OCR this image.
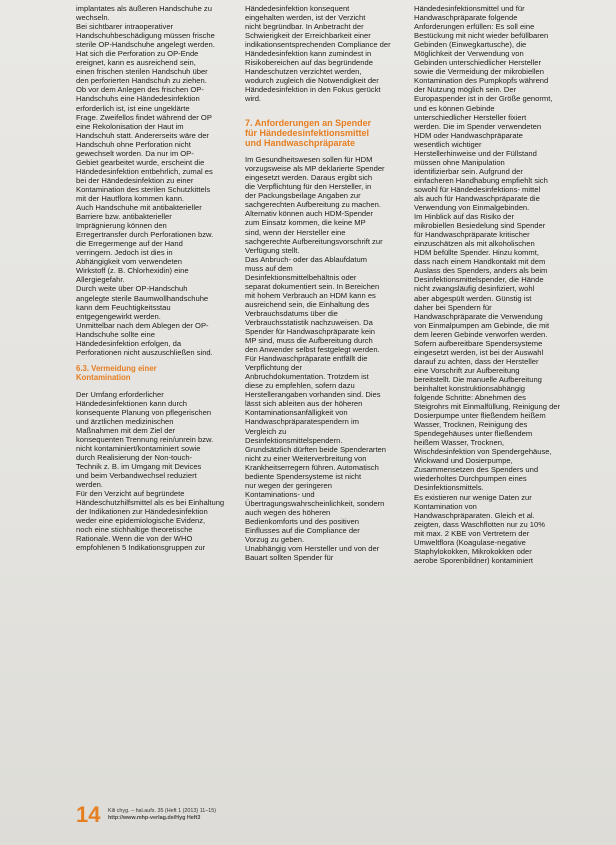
implantates als äußeren Handschuhe zu
wechseln.
Bei sichtbarer intraoperativer
Handschuhbeschädigung müssen frische
sterile OP-Handschuhe angelegt werden.
Hat sich die Perforation zu OP-Ende
ereignet, kann es ausreichend sein,
einen frischen sterilen Handschuh über
den perforierten Handschuh zu ziehen.
Ob vor dem Anlegen des frischen OP-
Handschuhs eine Händedesinfektion
erforderlich ist, ist eine ungeklärte
Frage. Zweifellos findet während der OP
eine Rekolonisation der Haut im
Handschuh statt. Andererseits wäre der
Handschuh ohne Perforation nicht
gewechselt worden. Da nur im OP-
Gebiet gearbeitet wurde, erscheint die
Händedesinfektion entbehrlich, zumal es
bei der Händedesinfektion zu einer
Kontamination des sterilen Schutzkittels
mit der Hautflora kommen kann.
Auch Handschuhe mit antibakterieller
Barriere bzw. antibakterieller
Imprägnierung können den
Erregertransfer durch Perforationen bzw.
die Erregermenge auf der Hand
verringern. Jedoch ist dies in
Abhängigkeit vom verwendeten
Wirkstoff (z. B. Chlorhexidin) eine
Allergiegefahr.
Durch weite über OP-Handschuh
angelegte sterile Baumwollhandschuhe
kann dem Feuchtigkeitsstau
entgegengewirkt werden.
Unmittelbar nach dem Ablegen der OP-
Handschuhe sollte eine
Händedesinfektion erfolgen, da
Perforationen nicht auszuschließen sind.
6.3. Vermeidung einer
Kontamination
Der Umfang erforderlicher
Händedesinfektionen kann durch
konsequente Planung von pflegerischen
und ärztlichen medizinischen
Maßnahmen mit dem Ziel der
konsequenten Trennung rein/unrein bzw.
nicht kontaminiert/kontaminiert sowie
durch Realisierung der Non-touch-
Technik z. B. im Umgang mit Devices
und beim Verbandwechsel reduziert
werden.
Für den Verzicht auf begründete
Händeschutzhilfsmittel als es bei Einhaltung
der Indikationen zur Händedesinfektion
weder eine epidemiologische Evidenz,
noch eine stichhaltige theoretische
Rationale. Wenn die von der WHO
empfohlenen 5 Indikationsgruppen zur
Händedesinfektion konsequent
eingehalten werden, ist der Verzicht
nicht begründbar. In Anbetracht der
Schwierigkeit der Erreichbarkeit einer
indikationsentsprechenden Compliance der
Händedesinfektion kann zumindest in
Risikobereichen auf das begründende
Handeschutzen verzichtet werden,
wodurch zugleich die Notwendigkeit der
Händedesinfektion in den Fokus gerückt
wird.
7. Anforderungen an Spender
für Händedesinfektionsmittel
und Handwaschpräparate
Im Gesundheitswesen sollen für HDM
vorzugsweise als MP deklarierte Spender
eingesetzt werden. Daraus ergibt sich
die Verpflichtung für den Hersteller, in
der Packungsbeilage Angaben zur
sachgerechten Aufbereitung zu machen.
Alternativ können auch HDM-Spender
zum Einsatz kommen, die keine MP
sind, wenn der Hersteller eine
sachgerechte Aufbereitungsvorschrift zur
Verfügung stellt.
Das Anbruch- oder das Ablaufdatum
muss auf dem
Desinfektionsmittelbehältnis oder
separat dokumentiert sein. In Bereichen
mit hohem Verbrauch an HDM kann es
ausreichend sein, die Einhaltung des
Verbrauchsdatums über die
Verbrauchsstatistik nachzuweisen. Da
Spender für Handwaschpräparate kein
MP sind, muss die Aufbereitung durch
den Anwender selbst festgelegt werden.
Für Handwaschpräparate entfällt die
Verpflichtung der
Anbruchdokumentation. Trotzdem ist
diese zu empfehlen, sofern dazu
Herstellerangaben vorhanden sind. Dies
lässt sich ableiten aus der höheren
Kontaminationsanfälligkeit von
Handwaschpräparatespendern im
Vergleich zu
Desinfektionsmittelspendern.
Grundsätzlich dürften beide Spenderarten
nicht zu einer Weiterverbreitung von
Krankheitserregern führen. Automatisch
bediente Spendersysteme ist nicht
nur wegen der geringeren
Kontaminations- und
Übertragungswahrscheinlichkeit, sondern
auch wegen des höheren
Bedienkomforts und des positiven
Einflusses auf die Compliance der
Vorzug zu geben.
Unabhängig vom Hersteller und von der
Bauart sollten Spender für
Händedesinfektionsmittel und für
Handwaschpräparate folgende
Anforderungen erfüllen: Es soll eine
Bestückung mit nicht wieder befüllbaren
Gebinden (Einwegkartusche), die
Möglichkeit der Verwendung von
Gebinden unterschiedlicher Hersteller
sowie die Vermeidung der mikrobiellen
Kontamination des Pumpkopfs während
der Nutzung möglich sein. Der
Europaspender ist in der Größe genormt,
und es können Gebinde
unterschiedlicher Hersteller fixiert
werden. Die im Spender verwendeten
HDM oder Handwaschpräparate
wesentlich wichtiger
Herstellerhinweise und der Füllstand
müssen ohne Manipulation
identifizierbar sein. Aufgrund der
einfacheren Handhabung empfiehlt sich
sowohl für Händedesinfektions- mittel
als auch für Handwaschpräparate die
Verwendung von Einmalgebinden.
Im Hinblick auf das Risiko der
mikrobiellen Besiedelung sind Spender
für Handwaschpräparate kritischer
einzuschätzen als mit alkoholischen
HDM befüllte Spender. Hinzu kommt,
dass nach einem Handkontakt mit dem
Auslass des Spenders, anders als beim
Desinfektionsmittelspender, die Hände
nicht zwangsläufig desinfiziert, wohl
aber abgespült werden. Günstig ist
daher bei Spendern für
Handwaschpräparate die Verwendung
von Einmalpumpen am Gebinde, die mit
dem leeren Gebinde verworfen werden.
Sofern aufbereitbare Spendersysteme
eingesetzt werden, ist bei der Auswahl
darauf zu achten, dass der Hersteller
eine Vorschrift zur Aufbereitung
bereitstellt. Die manuelle Aufbereitung
beinhaltet konstruktionsabhängig
folgende Schritte: Abnehmen des
Steigrohrs mit Einmalfüllung, Reinigung der
Dosierpumpe unter fließendem heißem
Wasser, Trocknen, Reinigung des
Spendegehäuses unter fließendem
heißem Wasser, Trocknen,
Wischdesinfektion von Spendergehäuse,
Wickwand und Dosierpumpe,
Zusammensetzen des Spenders und
wiederholtes Durchpumpen eines
Desinfektionsmittels.
Es existieren nur wenige Daten zur
Kontamination von
Handwaschpräparaten. Gleich et al.
zeigten, dass Waschflotten nur zu 10%
mit max. 2 KBE von Vertretern der
Umweltflora (Koagulase-negative
Staphylokokken, Mikrokokken oder
aerobe Sporenbildner) kontaminiert
14 Kili chyg. – hal.aufs. 35 (Heft 1 (2013) 11–15)
http://www.mhp-verlag.de/Hyg Heft3
